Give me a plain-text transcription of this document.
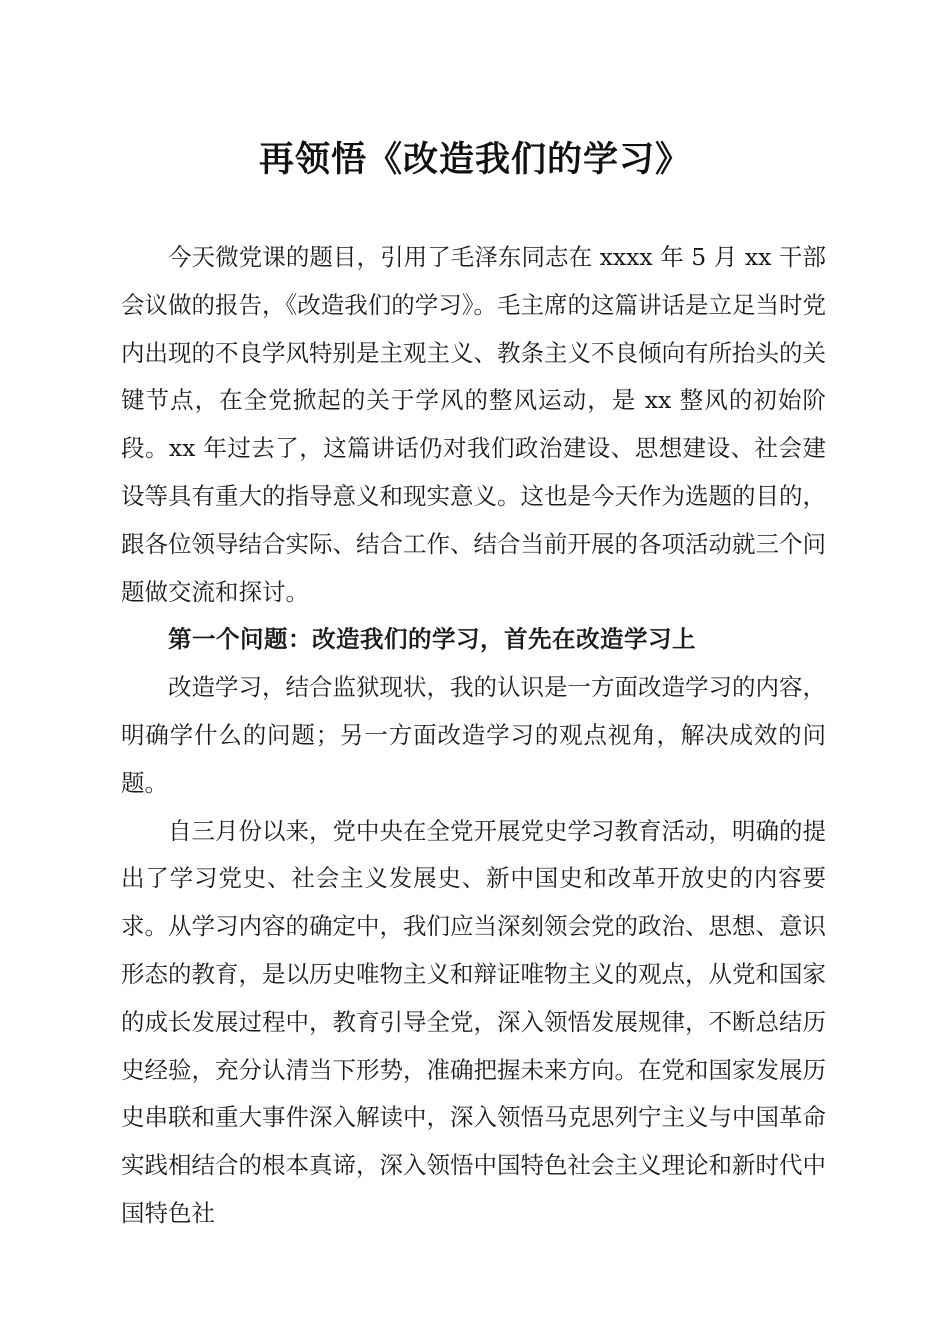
再领悟《改造我们的学习》

今天微党课的题目，引用了毛泽东同志在 xxxx 年 5 月 xx 干部会议做的报告，《改造我们的学习》。毛主席的这篇讲话是立足当时党内出现的不良学风特别是主观主义、教条主义不良倾向有所抬头的关键节点，在全党掀起的关于学风的整风运动，是 xx 整风的初始阶段。xx 年过去了，这篇讲话仍对我们政治建设、思想建设、社会建设等具有重大的指导意义和现实意义。这也是今天作为选题的目的，跟各位领导结合实际、结合工作、结合当前开展的各项活动就三个问题做交流和探讨。

第一个问题：改造我们的学习，首先在改造学习上

改造学习，结合监狱现状，我的认识是一方面改造学习的内容，明确学什么的问题；另一方面改造学习的观点视角，解决成效的问题。

自三月份以来，党中央在全党开展党史学习教育活动，明确的提出了学习党史、社会主义发展史、新中国史和改革开放史的内容要求。从学习内容的确定中，我们应当深刻领会党的政治、思想、意识形态的教育，是以历史唯物主义和辩证唯物主义的观点，从党和国家的成长发展过程中，教育引导全党，深入领悟发展规律，不断总结历史经验，充分认清当下形势，准确把握未来方向。在党和国家发展历史串联和重大事件深入解读中，深入领悟马克思列宁主义与中国革命实践相结合的根本真谛，深入领悟中国特色社会主义理论和新时代中国特色社
